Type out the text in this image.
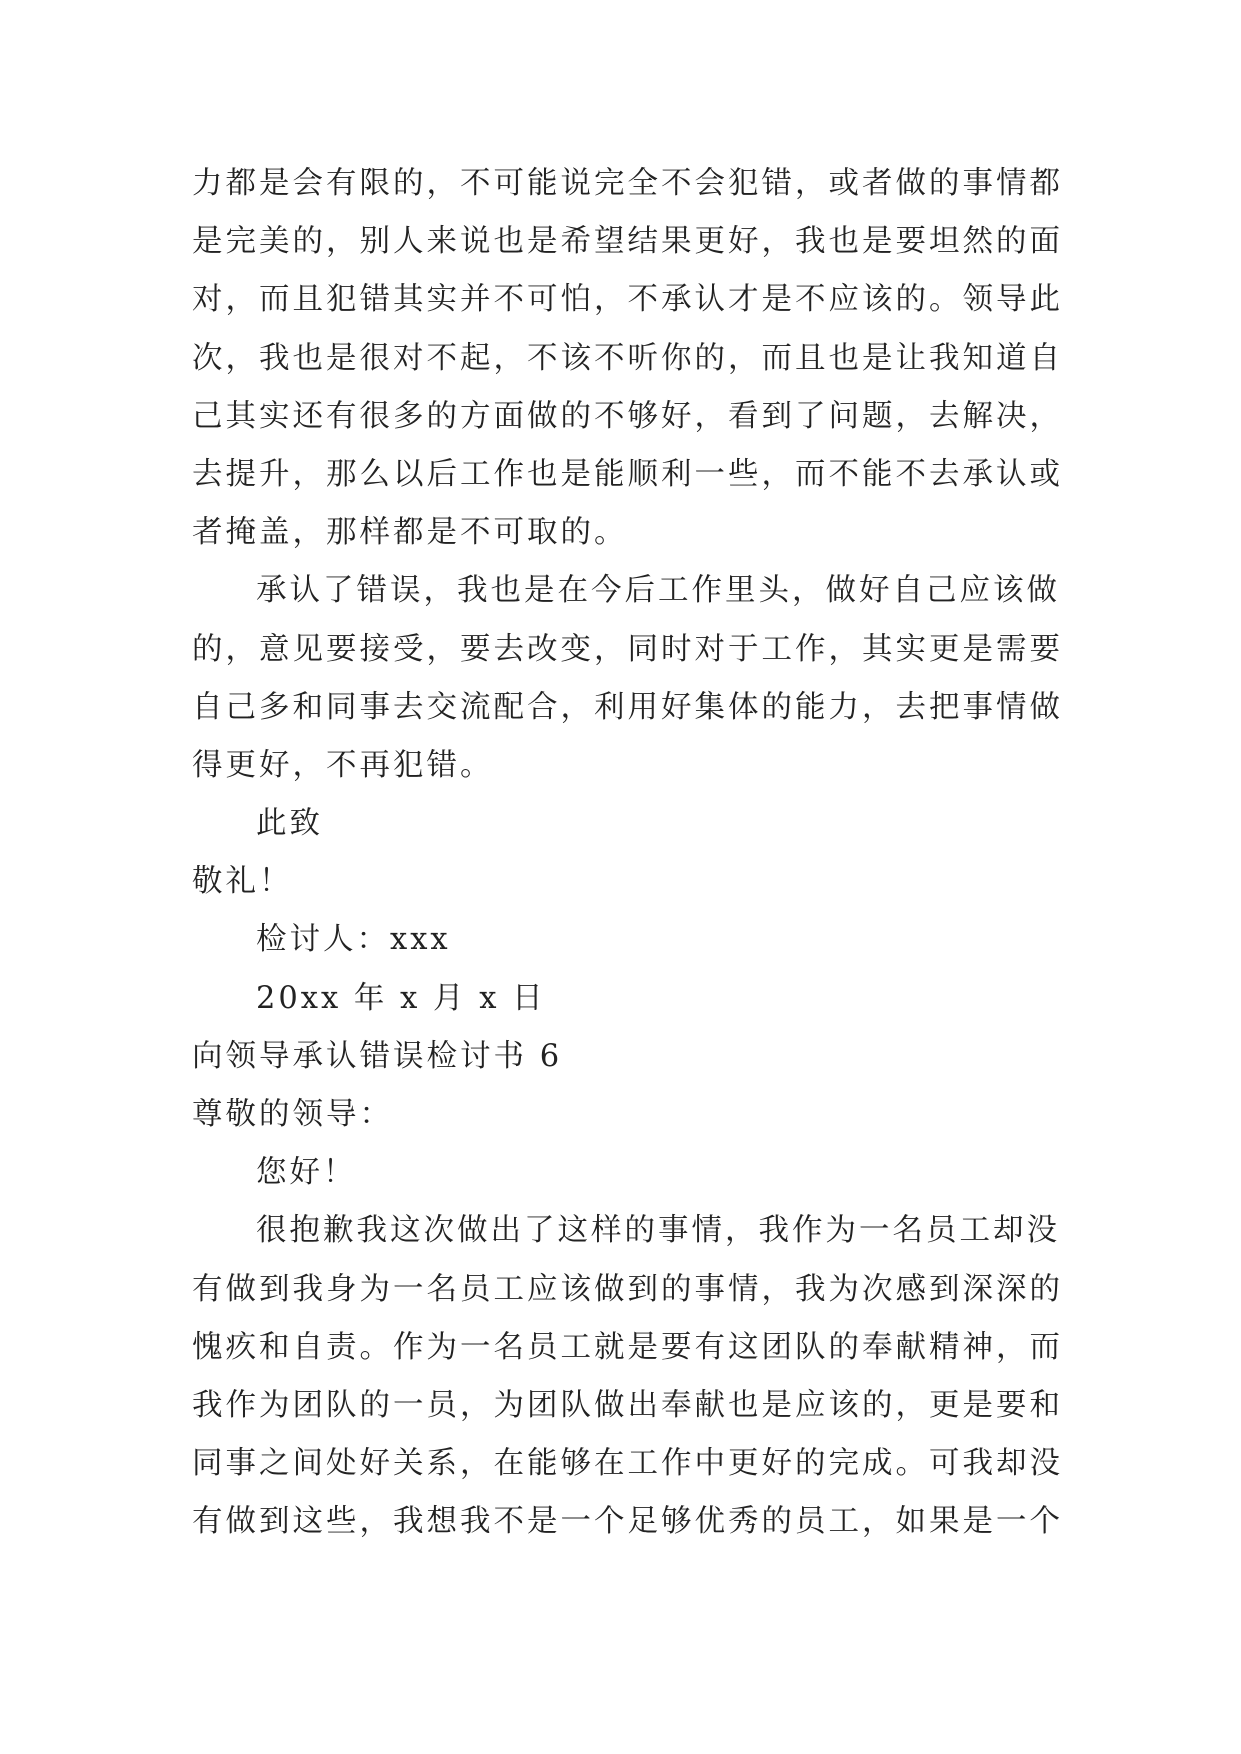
力都是会有限的，不可能说完全不会犯错，或者做的事情都
是完美的，别人来说也是希望结果更好，我也是要坦然的面
对，而且犯错其实并不可怕，不承认才是不应该的。领导此
次，我也是很对不起，不该不听你的，而且也是让我知道自
己其实还有很多的方面做的不够好，看到了问题，去解决，
去提升，那么以后工作也是能顺利一些，而不能不去承认或
者掩盖，那样都是不可取的。
承认了错误，我也是在今后工作里头，做好自己应该做
的，意见要接受，要去改变，同时对于工作，其实更是需要
自己多和同事去交流配合，利用好集体的能力，去把事情做
得更好，不再犯错。
此致
敬礼！
检讨人：xxx
20xx 年 x 月 x 日
向领导承认错误检讨书 6
尊敬的领导：
您好！
很抱歉我这次做出了这样的事情，我作为一名员工却没
有做到我身为一名员工应该做到的事情，我为次感到深深的
愧疚和自责。作为一名员工就是要有这团队的奉献精神，而
我作为团队的一员，为团队做出奉献也是应该的，更是要和
同事之间处好关系，在能够在工作中更好的完成。可我却没
有做到这些，我想我不是一个足够优秀的员工，如果是一个
